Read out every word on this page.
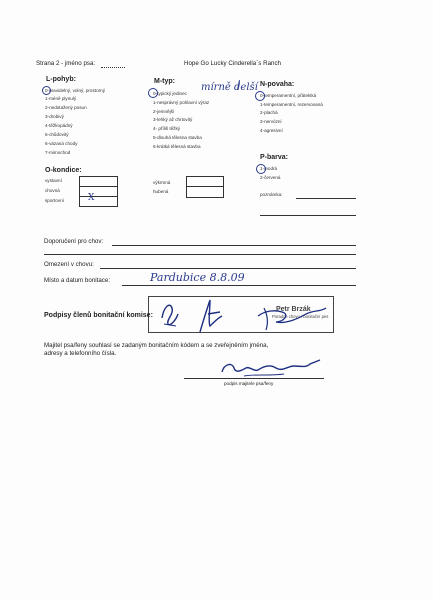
Strana 2 - jméno psa:	Hope Go Lucky Cinderella´s Ranch
L-pohyb:
0-pravidelný, volný, prostorný
1-méně plynulý
2-nedotažený posun
3-drobivý
4-těžkopádný
5-chůdovitý
6-vázaná chody
7-mimochod
M-typ:
0-typický jedinec
1-nesprávný pohlavní výraz
2-jemnější
3-lehký až chrtovitý
4- příliš těžký
5-dlouhá tělesna stavba
6-krátká tělesná stavba
mírně delší N-povaha:
0-temperamentní, přátelská
1-temperamentní, rezervovaná
2-plachá
3-nervózní
4-agresivní
P-barva:
1-modrá
2-červená
poznámka:
O-kondice:
vystavní
chovná
sportovní	X
výkrmná
hubená
Doporučení pro chov:
Omezení v chovu:
Místo a datum bonitace:	Pardubice 8.8.09
Podpisy členů bonitační komise:
Petr Brzák
Poradce chovu / bonitační pes
Majitel psa/feny souhlasí se zadaným bonitačním kódem a se zveřejněním jména,
adresy a telefonního čísla.
podpis majitele psa/feny
